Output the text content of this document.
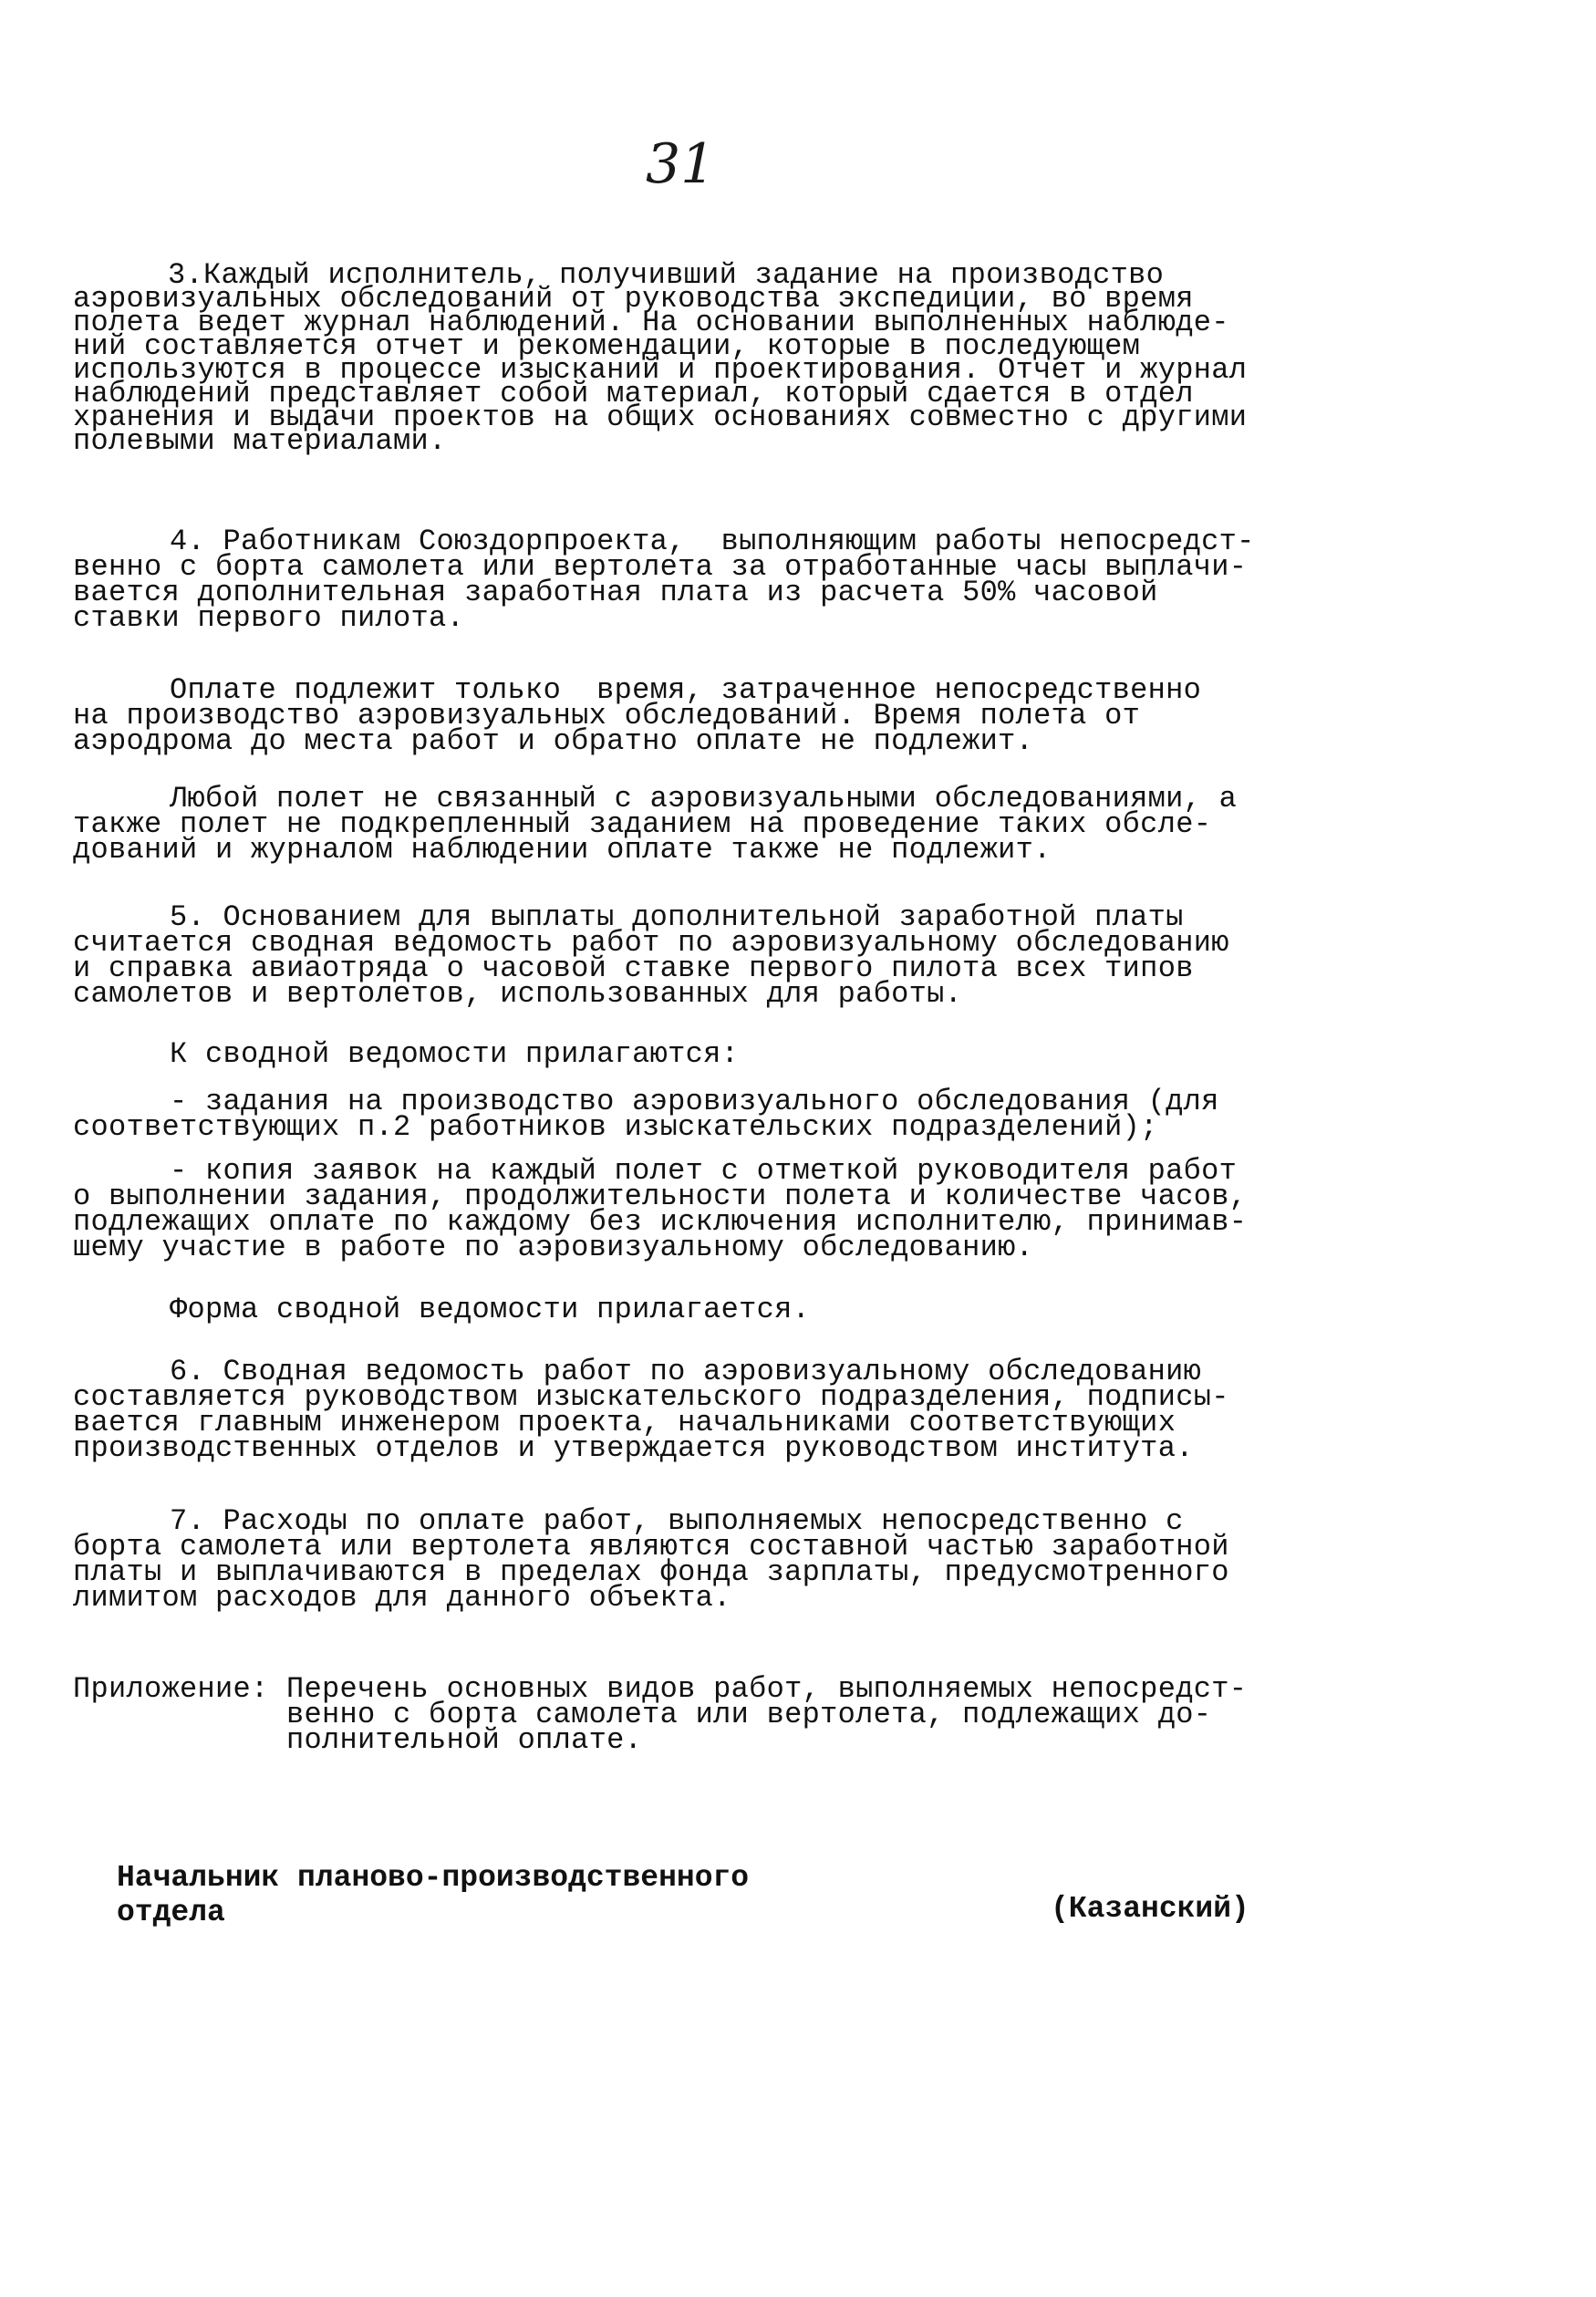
31
3.Каждый исполнитель, получивший задание на производство
аэровизуальных обследований от руководства экспедиции, во время
полета ведет журнал наблюдений. На основании выполненных наблюде-
ний составляется отчет и рекомендации, которые в последующем
используются в процессе изысканий и проектирования. Отчет и журнал
наблюдений представляет собой материал, который сдается в отдел
хранения и выдачи проектов на общих основаниях совместно с другими
полевыми материалами.
4. Работникам Союздорпроекта,  выполняющим работы непосредст-
венно с борта самолета или вертолета за отработанные часы выплачи-
вается дополнительная заработная плата из расчета 50% часовой
ставки первого пилота.
Оплате подлежит только  время, затраченное непосредственно
на производство аэровизуальных обследований. Время полета от
аэродрома до места работ и обратно оплате не подлежит.
Любой полет не связанный с аэровизуальными обследованиями, а
также полет не подкрепленный заданием на проведение таких обсле-
дований и журналом наблюдении оплате также не подлежит.
5. Основанием для выплаты дополнительной заработной платы
считается сводная ведомость работ по аэровизуальному обследованию
и справка авиаотряда о часовой ставке первого пилота всех типов
самолетов и вертолетов, использованных для работы.
К сводной ведомости прилагаются:
- задания на производство аэровизуального обследования (для
соответствующих п.2 работников изыскательских подразделений);
- копия заявок на каждый полет с отметкой руководителя работ
о выполнении задания, продолжительности полета и количестве часов,
подлежащих оплате по каждому без исключения исполнителю, принимав-
шему участие в работе по аэровизуальному обследованию.
Форма сводной ведомости прилагается.
6. Сводная ведомость работ по аэровизуальному обследованию
составляется руководством изыскательского подразделения, подписы-
вается главным инженером проекта, начальниками соответствующих
производственных отделов и утверждается руководством института.
7. Расходы по оплате работ, выполняемых непосредственно с
борта самолета или вертолета являются составной частью заработной
платы и выплачиваются в пределах фонда зарплаты, предусмотренного
лимитом расходов для данного объекта.
Приложение: Перечень основных видов работ, выполняемых непосредст-
венно с борта самолета или вертолета, подлежащих до-
полнительной оплате.
Начальник планово-производственного
отдела	(Казанский)
